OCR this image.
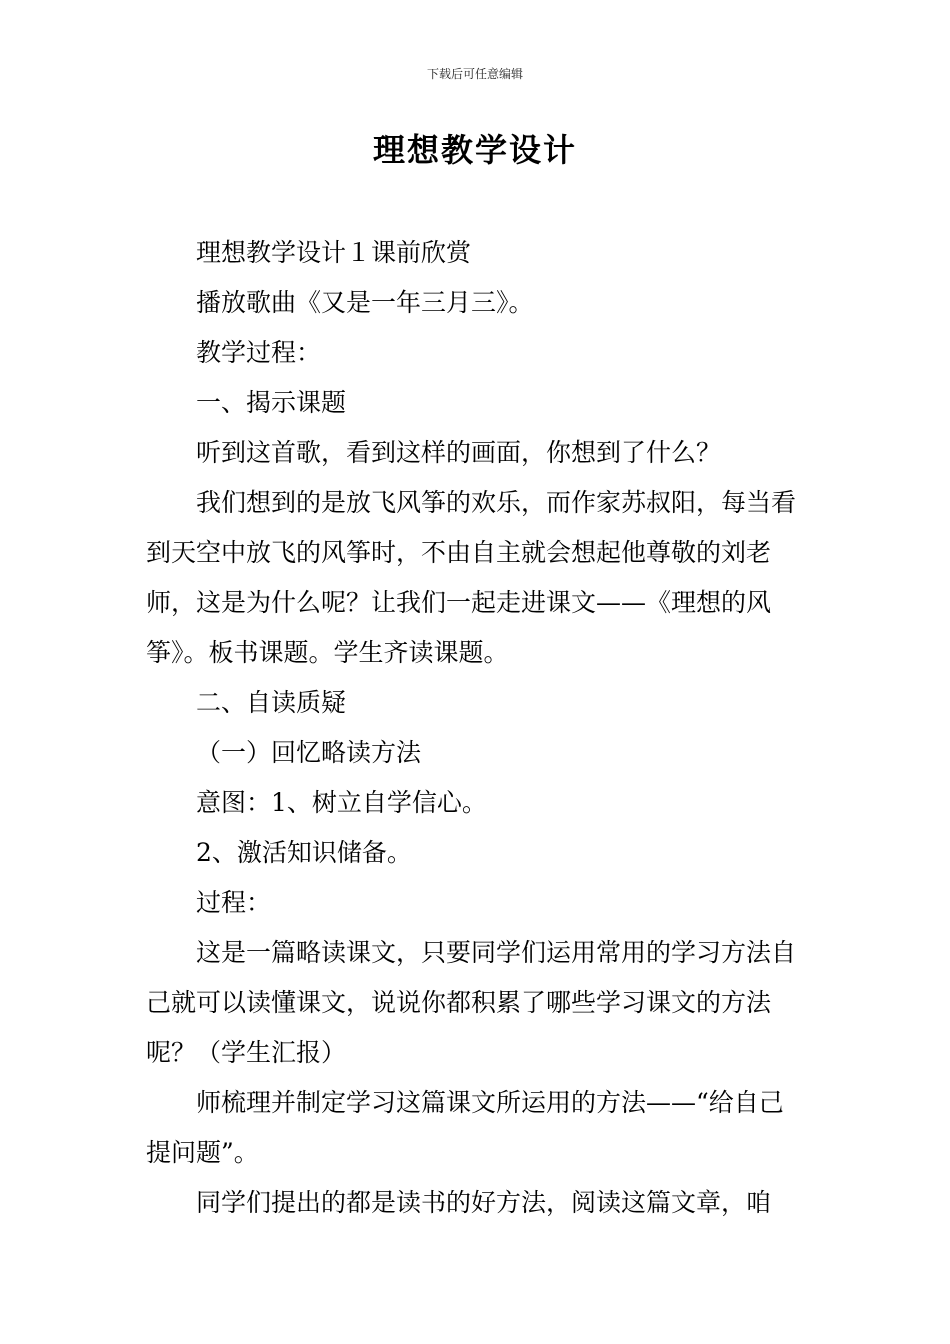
下载后可任意编辑
理想教学设计

理想教学设计１课前欣赏

播放歌曲《又是一年三月三》。

教学过程：

一、揭示课题

听到这首歌，看到这样的画面，你想到了什么？

我们想到的是放飞风筝的欢乐，而作家苏叔阳，每当看到天空中放飞的风筝时，不由自主就会想起他尊敬的刘老师，这是为什么呢？让我们一起走进课文——《理想的风筝》。板书课题。学生齐读课题。

二、自读质疑

（一）回忆略读方法

意图：1、树立自学信心。

2、激活知识储备。

过程：

这是一篇略读课文，只要同学们运用常用的学习方法自己就可以读懂课文，说说你都积累了哪些学习课文的方法呢？（学生汇报）

师梳理并制定学习这篇课文所运用的方法——“给自己提问题”。

同学们提出的都是读书的好方法，阅读这篇文章，咱
